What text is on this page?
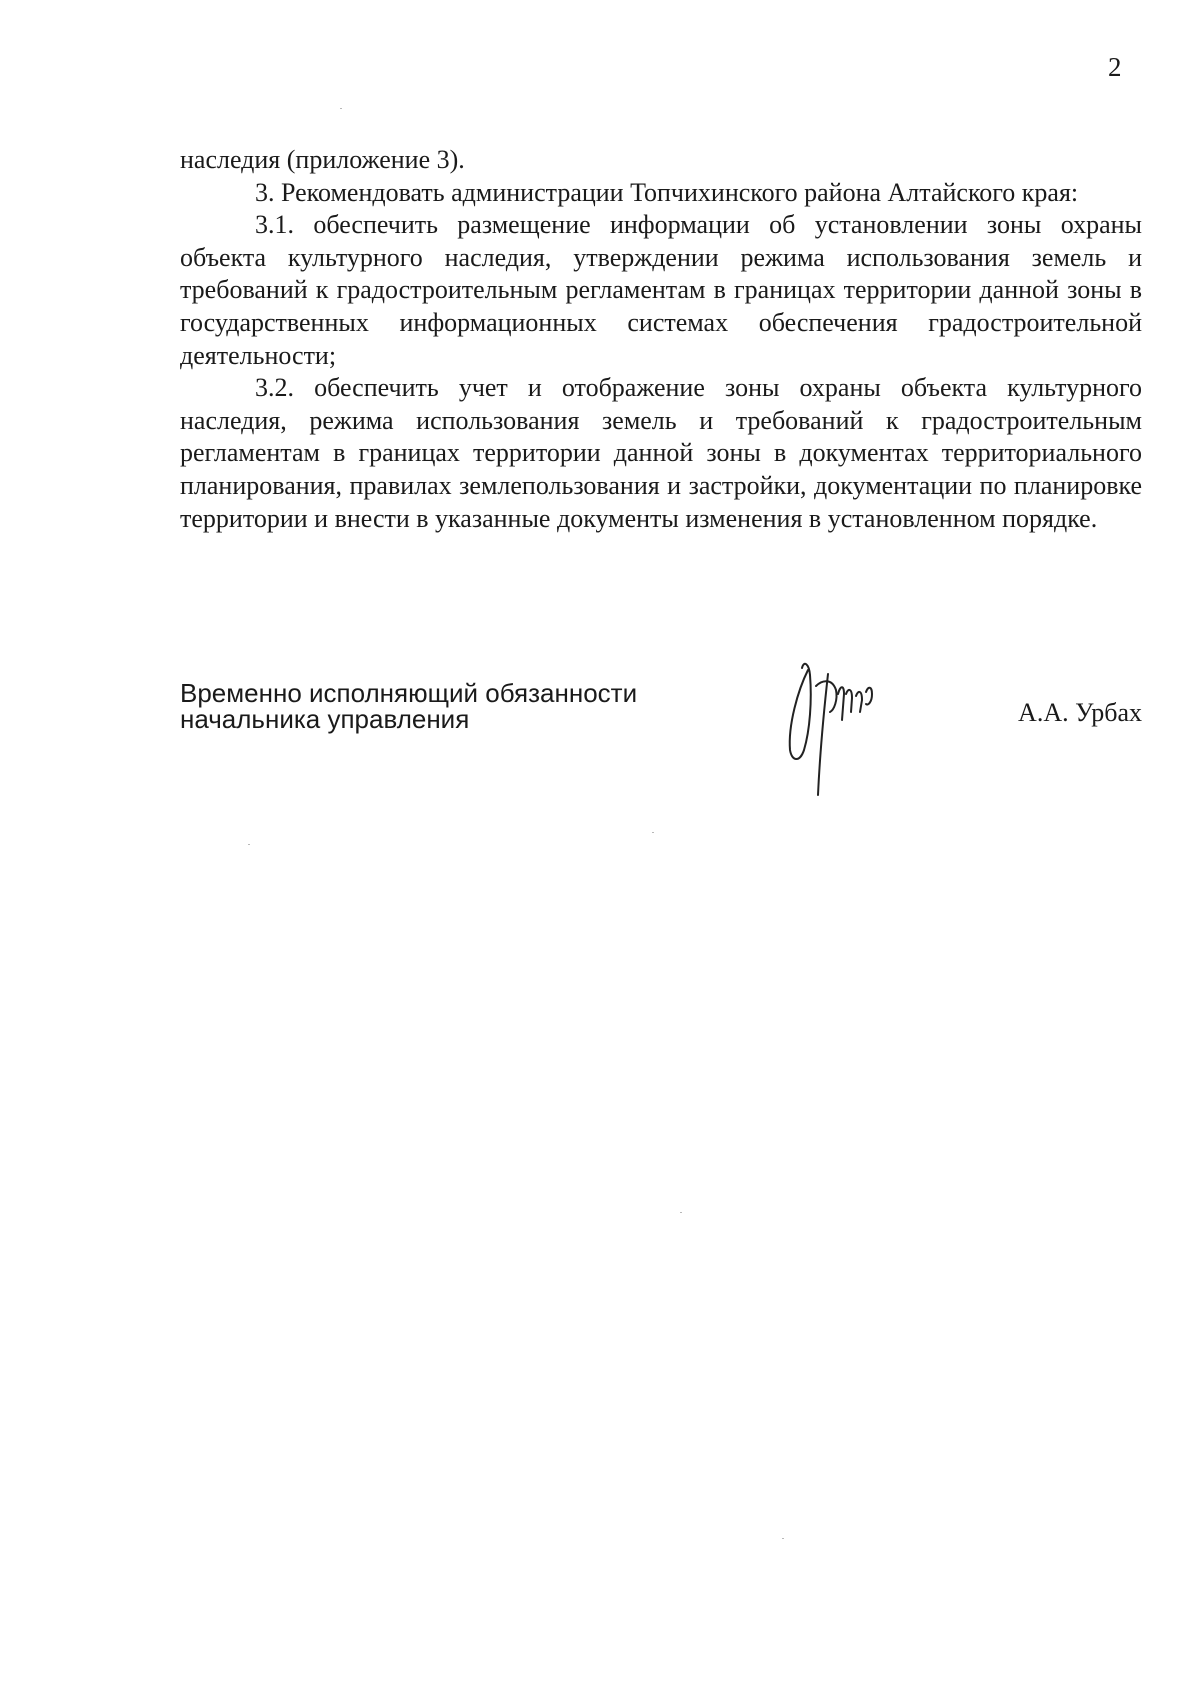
2

наследия (приложение 3).

3. Рекомендовать администрации Топчихинского района Алтайского края:

3.1. обеспечить размещение информации об установлении зоны охраны объекта культурного наследия, утверждении режима использования земель и требований к градостроительным регламентам в границах территории данной зоны в государственных информационных системах обеспечения градостроительной деятельности;

3.2. обеспечить учет и отображение зоны охраны объекта культурного наследия, режима использования земель и требований к градостроительным регламентам в границах территории данной зоны в документах территориального планирования, правилах землепользования и застройки, документации по планировке территории и внести в указанные документы изменения в установленном порядке.

Временно исполняющий обязанности
начальника управления	А.А. Урбах
